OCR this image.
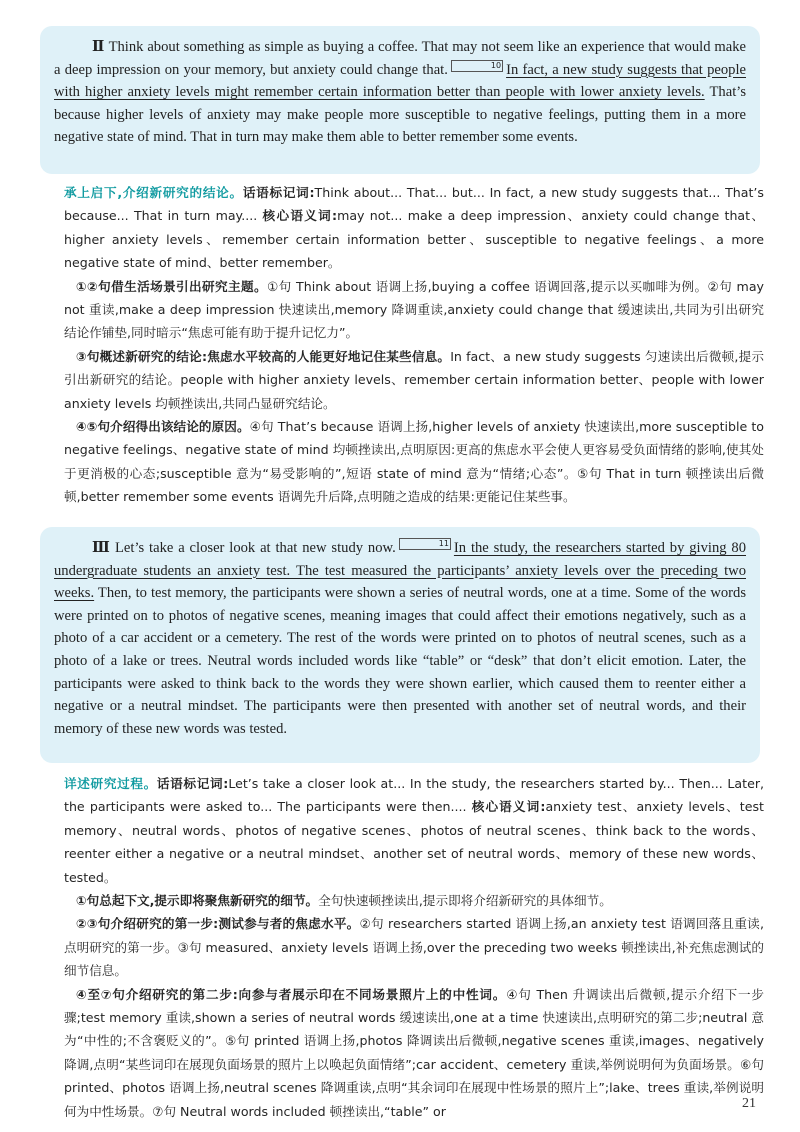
Ⅱ Think about something as simple as buying a coffee. That may not seem like an experience that would make a deep impression on your memory, but anxiety could change that.	10 In fact, a new study suggests that people with higher anxiety levels might remember certain information better than people with lower anxiety levels. That’s because higher levels of anxiety may make people more susceptible to negative feelings, putting them in a more negative state of mind. That in turn may make them able to better remember some events.

承上启下,介绍新研究的结论。话语标记词:Think about... That... but... In fact, a new study suggests that... That’s because... That in turn may.... 核心语义词:may not... make a deep impression、anxiety could change that、higher anxiety levels、remember certain information better、susceptible to negative feelings、a more negative state of mind、better remember。

①②句借生活场景引出研究主题。①句 Think about 语调上扬,buying a coffee 语调回落,提示以买咖啡为例。②句 may not 重读,make a deep impression 快速读出,memory 降调重读,anxiety could change that 缓速读出,共同为引出研究结论作铺垫,同时暗示“焦虑可能有助于提升记忆力”。

③句概述新研究的结论:焦虑水平较高的人能更好地记住某些信息。In fact、a new study suggests 匀速读出后微顿,提示引出新研究的结论。people with higher anxiety levels、remember certain information better、people with lower anxiety levels 均顿挫读出,共同凸显研究结论。

④⑤句介绍得出该结论的原因。④句 That’s because 语调上扬,higher levels of anxiety 快速读出,more susceptible to negative feelings、negative state of mind 均顿挫读出,点明原因:更高的焦虑水平会使人更容易受负面情绪的影响,使其处于更消极的心态;susceptible 意为“易受影响的”,短语 state of mind 意为“情绪;心态”。⑤句 That in turn 顿挫读出后微顿,better remember some events 语调先升后降,点明随之造成的结果:更能记住某些事。

Ⅲ Let’s take a closer look at that new study now.	11 In the study, the researchers started by giving 80 undergraduate students an anxiety test. The test measured the participants’ anxiety levels over the preceding two weeks. Then, to test memory, the participants were shown a series of neutral words, one at a time. Some of the words were printed on to photos of negative scenes, meaning images that could affect their emotions negatively, such as a photo of a car accident or a cemetery. The rest of the words were printed on to photos of neutral scenes, such as a photo of a lake or trees. Neutral words included words like “table” or “desk” that don’t elicit emotion. Later, the participants were asked to think back to the words they were shown earlier, which caused them to reenter either a negative or a neutral mindset. The participants were then presented with another set of neutral words, and their memory of these new words was tested.

详述研究过程。话语标记词:Let’s take a closer look at... In the study, the researchers started by... Then... Later, the participants were asked to... The participants were then.... 核心语义词:anxiety test、anxiety levels、test memory、neutral words、photos of negative scenes、photos of neutral scenes、think back to the words、reenter either a negative or a neutral mindset、another set of neutral words、memory of these new words、tested。

①句总起下文,提示即将聚焦新研究的细节。全句快速顿挫读出,提示即将介绍新研究的具体细节。

②③句介绍研究的第一步:测试参与者的焦虑水平。②句 researchers started 语调上扬,an anxiety test 语调回落且重读,点明研究的第一步。③句 measured、anxiety levels 语调上扬,over the preceding two weeks 顿挫读出,补充焦虑测试的细节信息。

④至⑦句介绍研究的第二步:向参与者展示印在不同场景照片上的中性词。④句 Then 升调读出后微顿,提示介绍下一步骤;test memory 重读,shown a series of neutral words 缓速读出,one at a time 快速读出,点明研究的第二步;neutral 意为“中性的;不含褒贬义的”。⑤句 printed 语调上扬,photos 降调读出后微顿,negative scenes 重读,images、negatively 降调,点明“某些词印在展现负面场景的照片上以唤起负面情绪”;car accident、cemetery 重读,举例说明何为负面场景。⑥句 printed、photos 语调上扬,neutral scenes 降调重读,点明“其余词印在展现中性场景的照片上”;lake、trees 重读,举例说明何为中性场景。⑦句 Neutral words included 顿挫读出,“table” or

21
